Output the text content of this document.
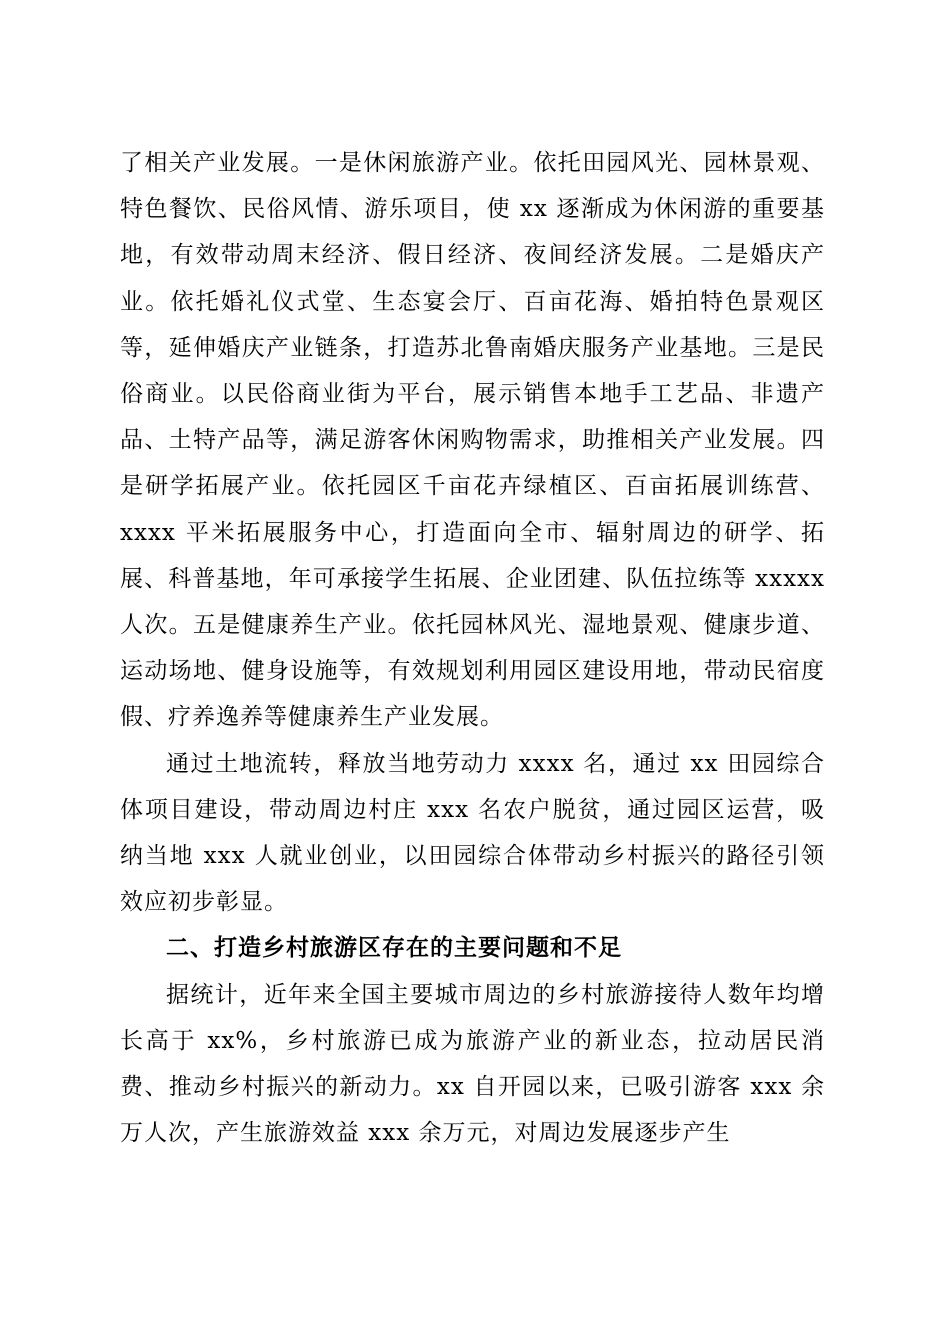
了相关产业发展。一是休闲旅游产业。依托田园风光、园林景观、特色餐饮、民俗风情、游乐项目，使 xx 逐渐成为休闲游的重要基地，有效带动周末经济、假日经济、夜间经济发展。二是婚庆产业。依托婚礼仪式堂、生态宴会厅、百亩花海、婚拍特色景观区等，延伸婚庆产业链条，打造苏北鲁南婚庆服务产业基地。三是民俗商业。以民俗商业街为平台，展示销售本地手工艺品、非遗产品、土特产品等，满足游客休闲购物需求，助推相关产业发展。四是研学拓展产业。依托园区千亩花卉绿植区、百亩拓展训练营、xxxx 平米拓展服务中心，打造面向全市、辐射周边的研学、拓展、科普基地，年可承接学生拓展、企业团建、队伍拉练等 xxxxx 人次。五是健康养生产业。依托园林风光、湿地景观、健康步道、运动场地、健身设施等，有效规划利用园区建设用地，带动民宿度假、疗养逸养等健康养生产业发展。

通过土地流转，释放当地劳动力 xxxx 名，通过 xx 田园综合体项目建设，带动周边村庄 xxx 名农户脱贫，通过园区运营，吸纳当地 xxx 人就业创业，以田园综合体带动乡村振兴的路径引领效应初步彰显。

二、打造乡村旅游区存在的主要问题和不足

据统计，近年来全国主要城市周边的乡村旅游接待人数年均增长高于 xx%，乡村旅游已成为旅游产业的新业态，拉动居民消费、推动乡村振兴的新动力。xx 自开园以来，已吸引游客 xxx 余万人次，产生旅游效益 xxx 余万元，对周边发展逐步产生
